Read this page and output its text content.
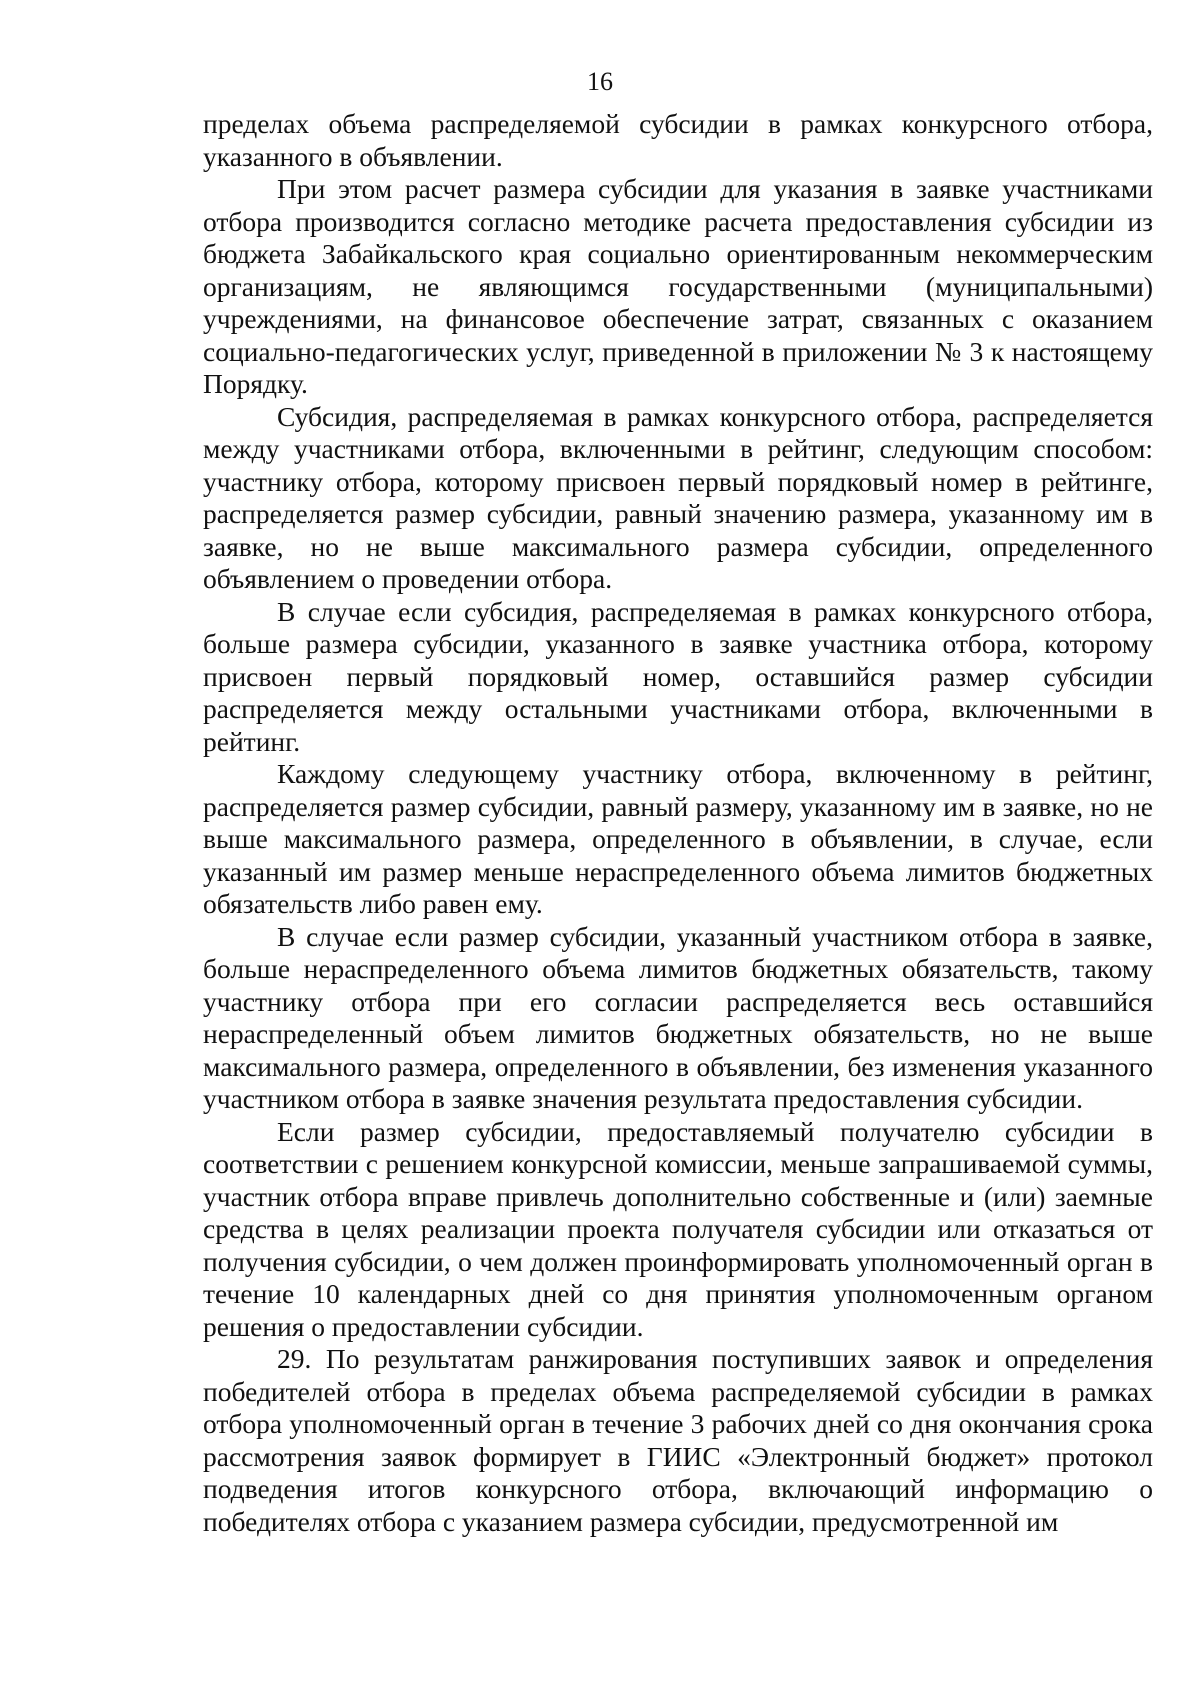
16

пределах объема распределяемой субсидии в рамках конкурсного отбора, указанного в объявлении.

При этом расчет размера субсидии для указания в заявке участниками отбора производится согласно методике расчета предоставления субсидии из бюджета Забайкальского края социально ориентированным некоммерческим организациям, не являющимся государственными (муниципальными) учреждениями, на финансовое обеспечение затрат, связанных с оказанием социально-педагогических услуг, приведенной в приложении № 3 к настоящему Порядку.

Субсидия, распределяемая в рамках конкурсного отбора, распределяется между участниками отбора, включенными в рейтинг, следующим способом: участнику отбора, которому присвоен первый порядковый номер в рейтинге, распределяется размер субсидии, равный значению размера, указанному им в заявке, но не выше максимального размера субсидии, определенного объявлением о проведении отбора.

В случае если субсидия, распределяемая в рамках конкурсного отбора, больше размера субсидии, указанного в заявке участника отбора, которому присвоен первый порядковый номер, оставшийся размер субсидии распределяется между остальными участниками отбора, включенными в рейтинг.

Каждому следующему участнику отбора, включенному в рейтинг, распределяется размер субсидии, равный размеру, указанному им в заявке, но не выше максимального размера, определенного в объявлении, в случае, если указанный им размер меньше нераспределенного объема лимитов бюджетных обязательств либо равен ему.

В случае если размер субсидии, указанный участником отбора в заявке, больше нераспределенного объема лимитов бюджетных обязательств, такому участнику отбора при его согласии распределяется весь оставшийся нераспределенный объем лимитов бюджетных обязательств, но не выше максимального размера, определенного в объявлении, без изменения указанного участником отбора в заявке значения результата предоставления субсидии.

Если размер субсидии, предоставляемый получателю субсидии в соответствии с решением конкурсной комиссии, меньше запрашиваемой суммы, участник отбора вправе привлечь дополнительно собственные и (или) заемные средства в целях реализации проекта получателя субсидии или отказаться от получения субсидии, о чем должен проинформировать уполномоченный орган в течение 10 календарных дней со дня принятия уполномоченным органом решения о предоставлении субсидии.

29. По результатам ранжирования поступивших заявок и определения победителей отбора в пределах объема распределяемой субсидии в рамках отбора уполномоченный орган в течение 3 рабочих дней со дня окончания срока рассмотрения заявок формирует в ГИИС «Электронный бюджет» протокол подведения итогов конкурсного отбора, включающий информацию о победителях отбора с указанием размера субсидии, предусмотренной им
